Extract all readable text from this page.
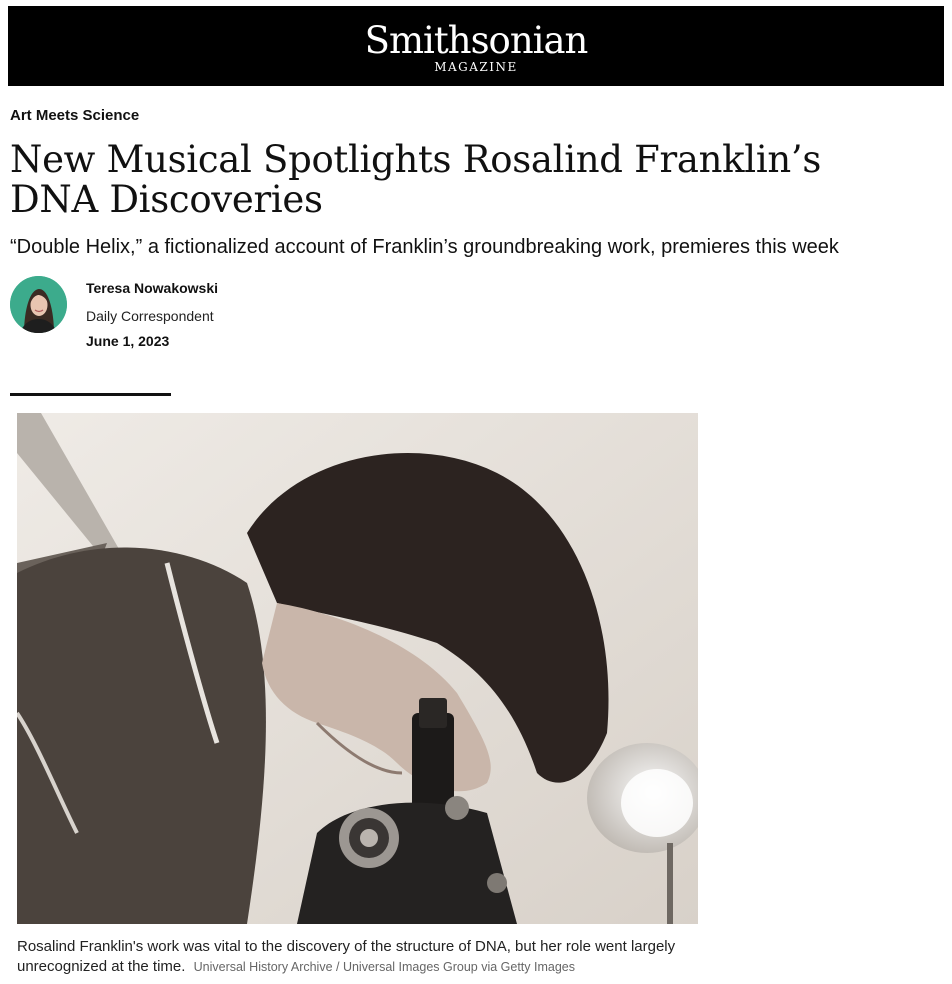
Smithsonian
MAGAZINE
Art Meets Science
New Musical Spotlights Rosalind Franklin’s DNA Discoveries

“Double Helix,” a fictionalized account of Franklin’s groundbreaking work, premieres this week

Teresa Nowakowski
Daily Correspondent
June 1, 2023

Rosalind Franklin's work was vital to the discovery of the structure of DNA, but her role went largely unrecognized at the time. Universal History Archive / Universal Images Group via Getty Images
